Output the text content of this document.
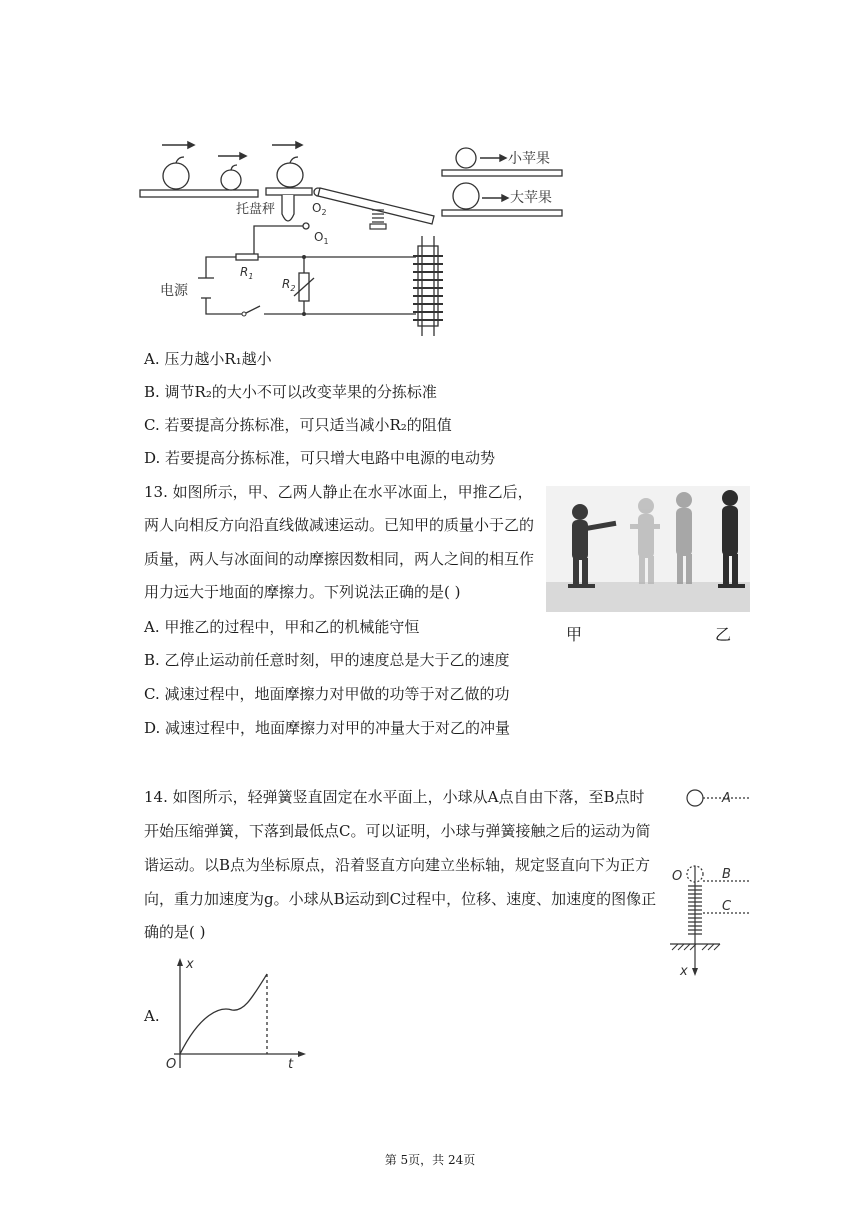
托盘秤	$O_2$
$O_1$
小苹果
大苹果
电源
$R_1$
$R_2$
A. 压力越小R₁越小
B. 调节R₂的大小不可以改变苹果的分拣标准
C. 若要提高分拣标准，可只适当减小R₂的阻值
D. 若要提高分拣标准，可只增大电路中电源的电动势
13. 如图所示，甲、乙两人静止在水平冰面上，甲推乙后，
两人向相反方向沿直线做减速运动。已知甲的质量小于乙的
质量，两人与冰面间的动摩擦因数相同，两人之间的相互作
用力远大于地面的摩擦力。下列说法正确的是( )
A. 甲推乙的过程中，甲和乙的机械能守恒
B. 乙停止运动前任意时刻，甲的速度总是大于乙的速度
C. 减速过程中，地面摩擦力对甲做的功等于对乙做的功
D. 减速过程中，地面摩擦力对甲的冲量大于对乙的冲量
甲	乙
14. 如图所示，轻弹簧竖直固定在水平面上，小球从A点自由下落，至B点时
开始压缩弹簧，下落到最低点C。可以证明，小球与弹簧接触之后的运动为简
谐运动。以B点为坐标原点，沿着竖直方向建立坐标轴，规定竖直向下为正方
向，重力加速度为g。小球从B运动到C过程中，位移、速度、加速度的图像正
确的是( )
A
B
C
O
x
A.
x
t
O
第 5页，共 24页
